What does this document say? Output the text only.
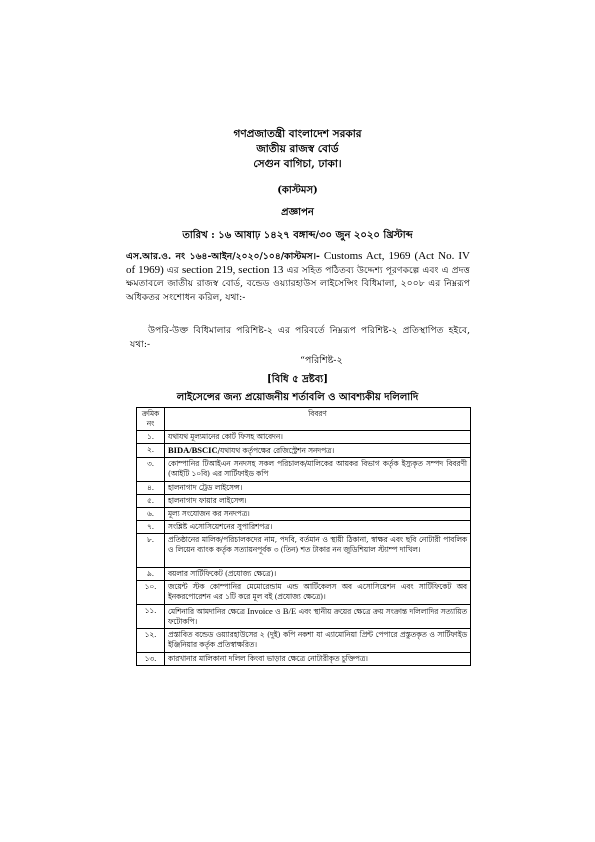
গণপ্রজাতন্ত্রী বাংলাদেশ সরকার
জাতীয় রাজস্ব বোর্ড
সেগুন বাগিচা, ঢাকা।
(কাস্টমস)
প্রজ্ঞাপন
তারিখ : ১৬ আষাঢ় ১৪২৭ বঙ্গাব্দ/৩০ জুন ২০২০ খ্রিস্টাব্দ
এস.আর.ও. নং ১৬৪-আইন/২০২০/১০৪/কাস্টমস।- Customs Act, 1969 (Act No. IV of 1969) এর section 219, section 13 এর সহিত পঠিতব্য উদ্দেশ্য পূরণকল্পে এবং এ প্রদত্ত ক্ষমতাবলে জাতীয় রাজস্ব বোর্ড, বন্ডেড ওয়্যারহাউস লাইসেন্সিং বিধিমালা, ২০০৮ এর নিম্নরূপ অধিকতর সংশোধন করিল, যথা:-
উপরি-উক্ত বিধিমালার পরিশিষ্ট-২ এর পরিবর্তে নিম্নরূপ পরিশিষ্ট-২ প্রতিস্থাপিত হইবে, যথা:-
“পরিশিষ্ট-২
[বিধি ৫ দ্রষ্টব্য]
লাইসেন্সের জন্য প্রয়োজনীয় শর্তাবলি ও আবশ্যকীয় দলিলাদি
ক্রমিক নং	বিবরণ
১.	যথাযথ মূল্যমানের কোর্ট ফিসহ আবেদন।
২.	BIDA/BSCIC/যথাযথ কর্তৃপক্ষের রেজিস্ট্রেশন সনদপত্র।
৩.	কোম্পানির টিআইএন সনদসহ সকল পরিচালক/মালিকের আয়কর বিভাগ কর্তৃক ইস্যুকৃত সম্পদ বিবরণী (আইটি ১০বি) এর সার্টিফাইড কপি
৪.	হালনাগাদ ট্রেড লাইসেন্স।
৫.	হালনাগাদ ফায়ার লাইসেন্স।
৬.	মূল্য সংযোজন কর সনদপত্র।
৭.	সংশ্লিষ্ট এসোসিয়েশনের সুপারিশপত্র।
৮.	প্রতিষ্ঠানের মালিক/পরিচালকদের নাম, পদবি, বর্তমান ও স্থায়ী ঠিকানা, স্বাক্ষর এবং ছবি নোটারী পাবলিক ও লিয়েন ব্যাংক কর্তৃক সত্যায়নপূর্বক ৩ (তিন) শত টাকার নন জুডিশিয়াল স্ট্যাম্প দাখিল।
৯.	বয়লার সার্টিফিকেট (প্রযোজ্য ক্ষেত্রে)।
১০.	জয়েন্ট স্টক কোম্পানির মেমোরেন্ডাম এন্ড আর্টিকেলস অব এসোসিয়েশন এবং সার্টিফিকেট অব ইনকরপোরেশন এর ১টি করে মূল বই (প্রযোজ্য ক্ষেত্রে)।
১১.	মেশিনারি আমদানির ক্ষেত্রে Invoice ও B/E এবং স্থানীয় ক্রয়ের ক্ষেত্রে ক্রয় সংক্রান্ত দলিলাদির সত্যায়িত ফটোকপি।
১২.	প্রস্তাবিত বন্ডেড ওয়্যারহাউসের ২ (দুই) কপি নকশা যা এ্যামোনিয়া প্রিন্ট পেপারে প্রস্তুতকৃত ও সার্টিফাইড ইঞ্জিনিয়ার কর্তৃক প্রতিস্বাক্ষরিত।
১৩.	কারখানার মালিকানা দলিল কিংবা ভাড়ার ক্ষেত্রে নোটারীকৃত চুক্তিপত্র।
